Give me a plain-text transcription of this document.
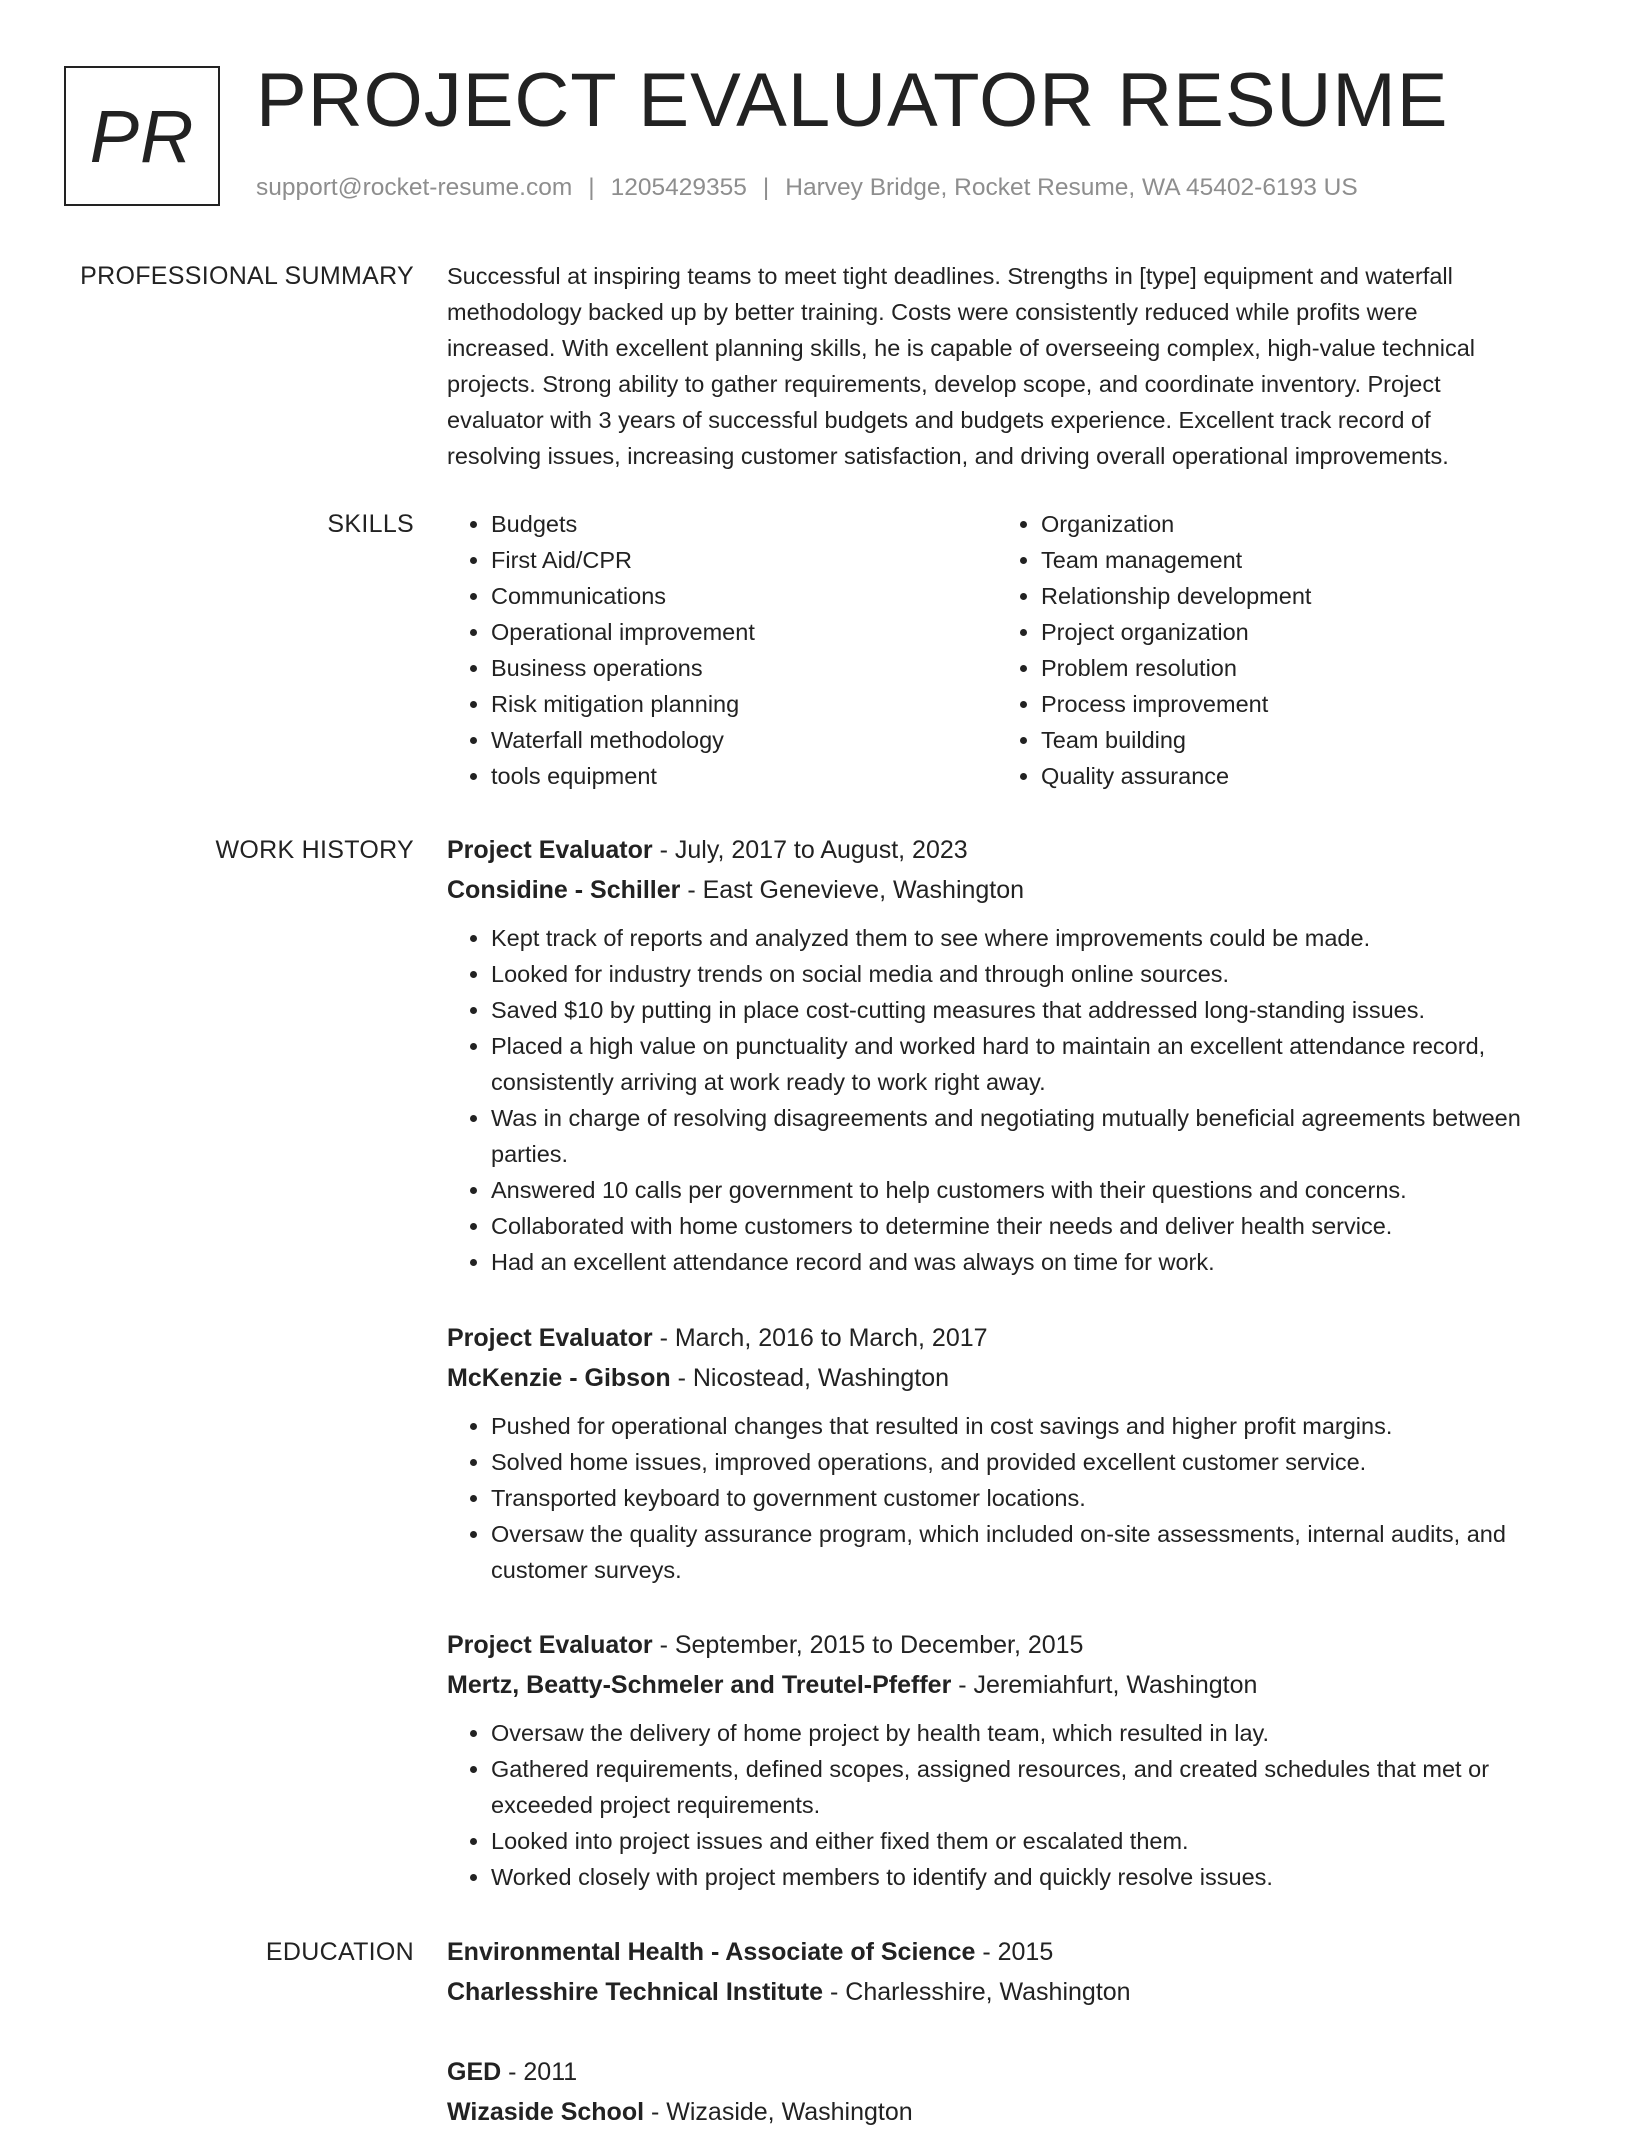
PR PROJECT EVALUATOR RESUME
support@rocket-resume.com | 1205429355 | Harvey Bridge, Rocket Resume, WA 45402-6193 US
PROFESSIONAL SUMMARY Successful at inspiring teams to meet tight deadlines. Strengths in [type] equipment and waterfall
methodology backed up by better training. Costs were consistently reduced while profits were
increased. With excellent planning skills, he is capable of overseeing complex, high-value technical
projects. Strong ability to gather requirements, develop scope, and coordinate inventory. Project
evaluator with 3 years of successful budgets and budgets experience. Excellent track record of
resolving issues, increasing customer satisfaction, and driving overall operational improvements.
SKILLS
•	Budgets
• First Aid/CPR
• Communications
• Operational improvement
• Business operations
• Risk mitigation planning
• Waterfall methodology
• tools equipment
• Organization
• Team management
• Relationship development
• Project organization
• Problem resolution
• Process improvement
• Team building
• Quality assurance
WORK HISTORY Project Evaluator - July, 2017 to August, 2023
Considine - Schiller - East Genevieve, Washington
• Kept track of reports and analyzed them to see where improvements could be made.
• Looked for industry trends on social media and through online sources.
• Saved $10 by putting in place cost-cutting measures that addressed long-standing issues.
• Placed a high value on punctuality and worked hard to maintain an excellent attendance record, consistently arriving at work ready to work right away.
• Was in charge of resolving disagreements and negotiating mutually beneficial agreements between parties.
• Answered 10 calls per government to help customers with their questions and concerns.
• Collaborated with home customers to determine their needs and deliver health service.
• Had an excellent attendance record and was always on time for work.
Project Evaluator - March, 2016 to March, 2017
McKenzie - Gibson - Nicostead, Washington
• Pushed for operational changes that resulted in cost savings and higher profit margins.
• Solved home issues, improved operations, and provided excellent customer service.
• Transported keyboard to government customer locations.
• Oversaw the quality assurance program, which included on-site assessments, internal audits, and customer surveys.
Project Evaluator - September, 2015 to December, 2015
Mertz, Beatty-Schmeler and Treutel-Pfeffer - Jeremiahfurt, Washington
• Oversaw the delivery of home project by health team, which resulted in lay.
• Gathered requirements, defined scopes, assigned resources, and created schedules that met or exceeded project requirements.
• Looked into project issues and either fixed them or escalated them.
• Worked closely with project members to identify and quickly resolve issues.
EDUCATION Environmental Health - Associate of Science - 2015
Charlesshire Technical Institute - Charlesshire, Washington
GED - 2011
Wizaside School - Wizaside, Washington
